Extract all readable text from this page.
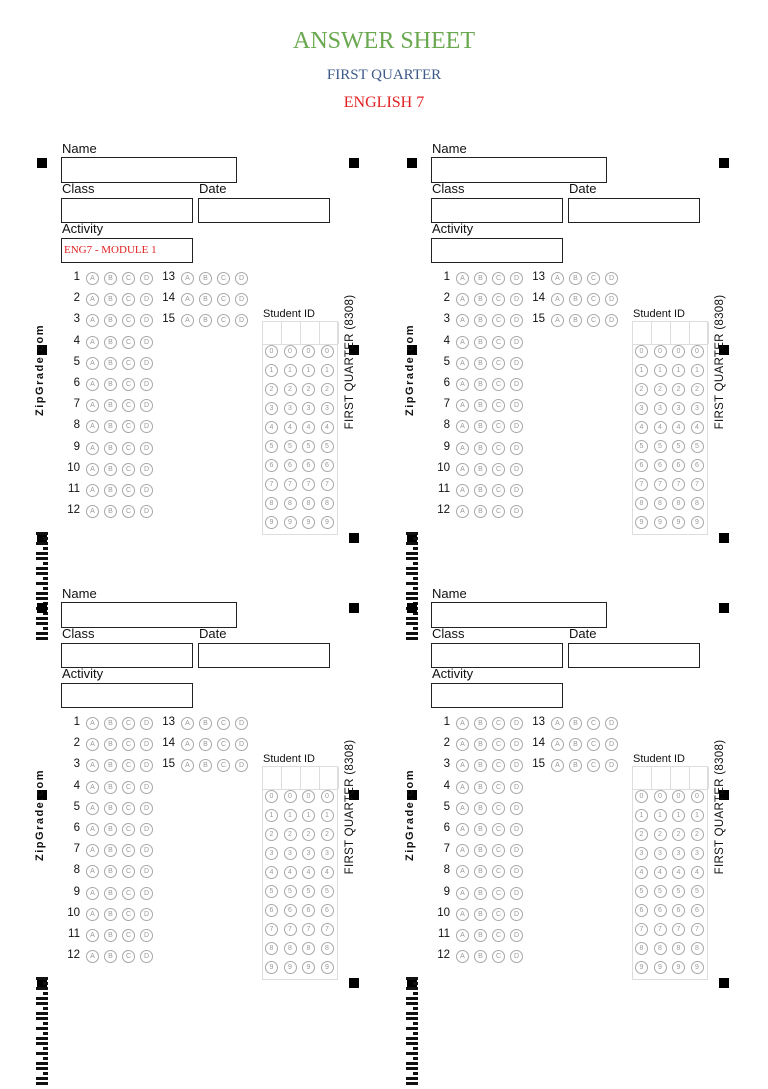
ANSWER SHEET
FIRST QUARTER
ENGLISH 7
Name
Class	Date
Activity
ENG7 - MODULE 1
ZipGrade.com	FIRST QUARTER (8308)
1	A	B	C	D
2	A	B	C	D
3	A	B	C	D
4	A	B	C	D
5	A	B	C	D
6	A	B	C	D
7	A	B	C	D
8	A	B	C	D
9	A	B	C	D
10	A	B	C	D
11	A	B	C	D
12	A	B	C	D
13	A	B	C	D
14	A	B	C	D
15	A	B	C	D
Student ID
0	0	0	0
1	1	1	1
2	2	2	2
3	3	3	3
4	4	4	4
5	5	5	5
6	6	6	6
7	7	7	7
8	8	8	8
9	9	9	9
Name
Class	Date
Activity
ZipGrade.com	FIRST QUARTER (8308)
1	A	B	C	D
2	A	B	C	D
3	A	B	C	D
4	A	B	C	D
5	A	B	C	D
6	A	B	C	D
7	A	B	C	D
8	A	B	C	D
9	A	B	C	D
10	A	B	C	D
11	A	B	C	D
12	A	B	C	D
13	A	B	C	D
14	A	B	C	D
15	A	B	C	D
Student ID
0	0	0	0
1	1	1	1
2	2	2	2
3	3	3	3
4	4	4	4
5	5	5	5
6	6	6	6
7	7	7	7
8	8	8	8
9	9	9	9
Name
Class	Date
Activity
ZipGrade.com	FIRST QUARTER (8308)
1	A	B	C	D
2	A	B	C	D
3	A	B	C	D
4	A	B	C	D
5	A	B	C	D
6	A	B	C	D
7	A	B	C	D
8	A	B	C	D
9	A	B	C	D
10	A	B	C	D
11	A	B	C	D
12	A	B	C	D
13	A	B	C	D
14	A	B	C	D
15	A	B	C	D
Student ID
0	0	0	0
1	1	1	1
2	2	2	2
3	3	3	3
4	4	4	4
5	5	5	5
6	6	6	6
7	7	7	7
8	8	8	8
9	9	9	9
Name
Class	Date
Activity
ZipGrade.com	FIRST QUARTER (8308)
1	A	B	C	D
2	A	B	C	D
3	A	B	C	D
4	A	B	C	D
5	A	B	C	D
6	A	B	C	D
7	A	B	C	D
8	A	B	C	D
9	A	B	C	D
10	A	B	C	D
11	A	B	C	D
12	A	B	C	D
13	A	B	C	D
14	A	B	C	D
15	A	B	C	D
Student ID
0	0	0	0
1	1	1	1
2	2	2	2
3	3	3	3
4	4	4	4
5	5	5	5
6	6	6	6
7	7	7	7
8	8	8	8
9	9	9	9
